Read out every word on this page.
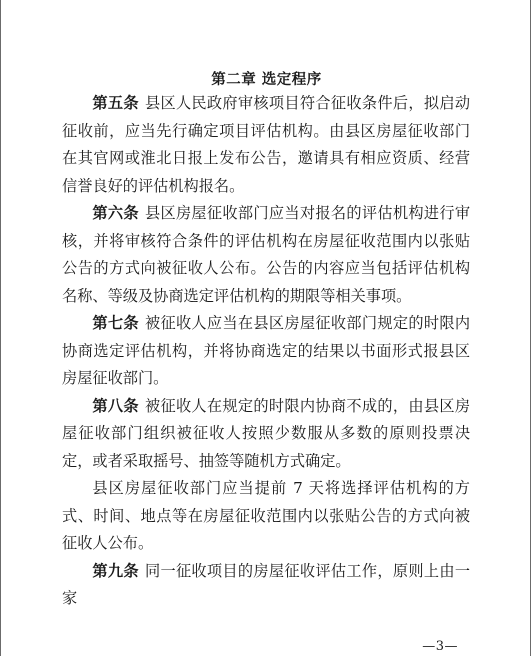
第二章 选定程序

第五条 县区人民政府审核项目符合征收条件后，拟启动征收前，应当先行确定项目评估机构。由县区房屋征收部门在其官网或淮北日报上发布公告，邀请具有相应资质、经营信誉良好的评估机构报名。

第六条 县区房屋征收部门应当对报名的评估机构进行审核，并将审核符合条件的评估机构在房屋征收范围内以张贴公告的方式向被征收人公布。公告的内容应当包括评估机构名称、等级及协商选定评估机构的期限等相关事项。

第七条 被征收人应当在县区房屋征收部门规定的时限内协商选定评估机构，并将协商选定的结果以书面形式报县区房屋征收部门。

第八条 被征收人在规定的时限内协商不成的，由县区房屋征收部门组织被征收人按照少数服从多数的原则投票决定，或者采取摇号、抽签等随机方式确定。

县区房屋征收部门应当提前 7 天将选择评估机构的方式、时间、地点等在房屋征收范围内以张贴公告的方式向被征收人公布。

第九条 同一征收项目的房屋征收评估工作，原则上由一家

—3—
